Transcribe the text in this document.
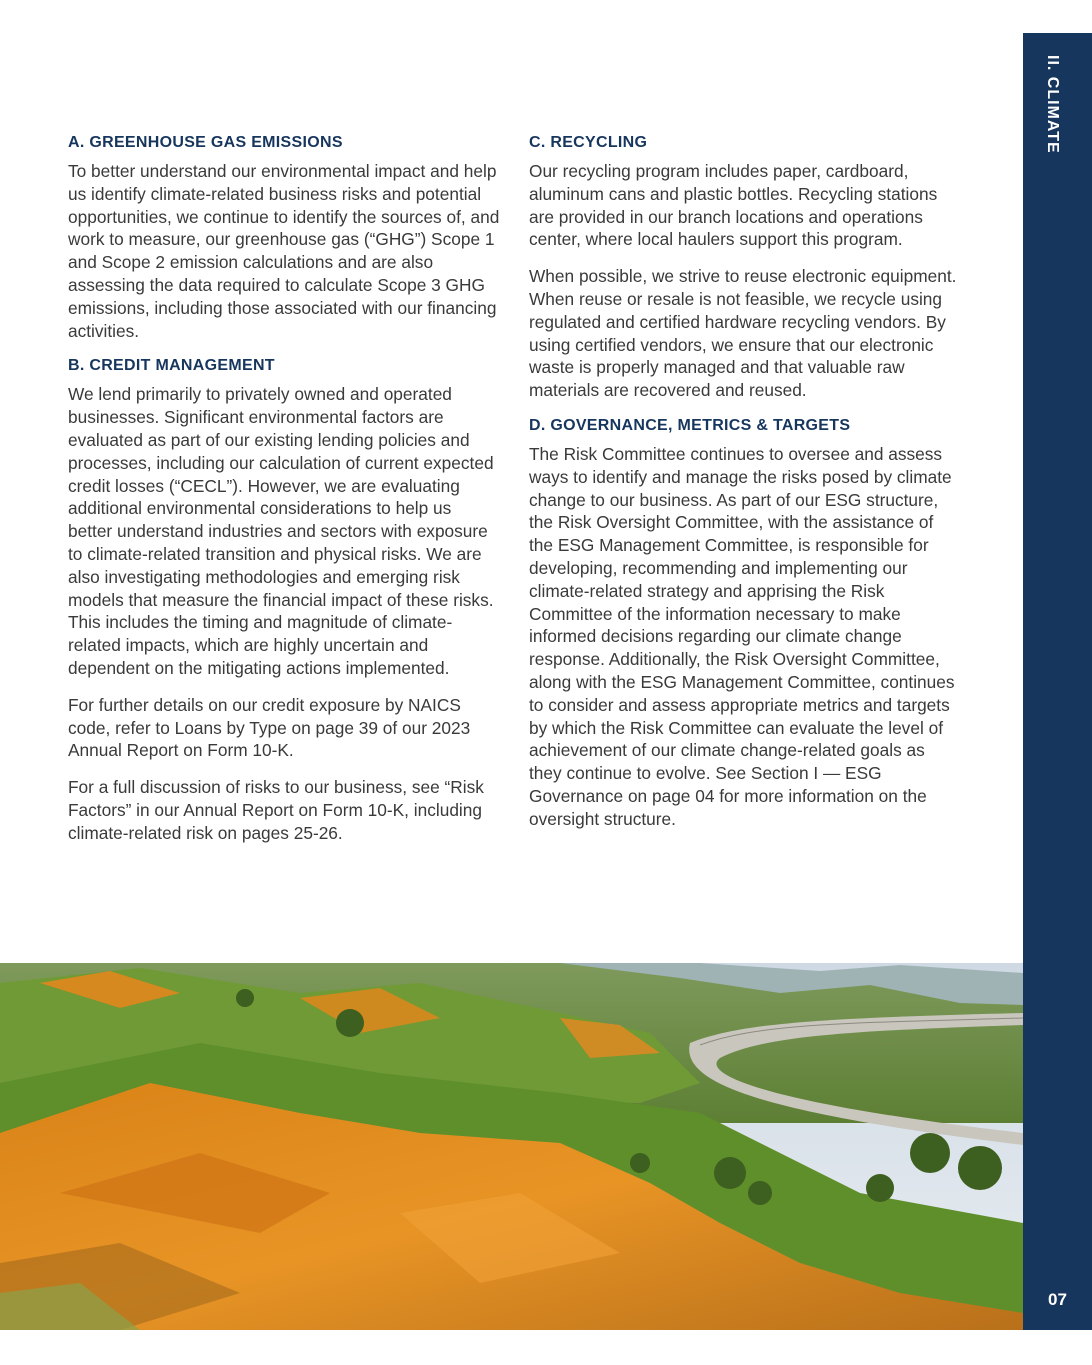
A. GREENHOUSE GAS EMISSIONS

To better understand our environmental impact and help us identify climate-related business risks and potential opportunities, we continue to identify the sources of, and work to measure, our greenhouse gas (“GHG”) Scope 1 and Scope 2 emission calculations and are also assessing the data required to calculate Scope 3 GHG emissions, including those associated with our financing activities.

B. CREDIT MANAGEMENT

We lend primarily to privately owned and operated businesses. Significant environmental factors are evaluated as part of our existing lending policies and processes, including our calculation of current expected credit losses (“CECL”). However, we are evaluating additional environmental considerations to help us better understand industries and sectors with exposure to climate-related transition and physical risks. We are also investigating methodologies and emerging risk models that measure the financial impact of these risks. This includes the timing and magnitude of climate-related impacts, which are highly uncertain and dependent on the mitigating actions implemented.

For further details on our credit exposure by NAICS code, refer to Loans by Type on page 39 of our 2023 Annual Report on Form 10-K.

For a full discussion of risks to our business, see “Risk Factors” in our Annual Report on Form 10-K, including climate-related risk on pages 25-26.

C. RECYCLING

Our recycling program includes paper, cardboard, aluminum cans and plastic bottles. Recycling stations are provided in our branch locations and operations center, where local haulers support this program.

When possible, we strive to reuse electronic equipment. When reuse or resale is not feasible, we recycle using regulated and certified hardware recycling vendors. By using certified vendors, we ensure that our electronic waste is properly managed and that valuable raw materials are recovered and reused.

D. GOVERNANCE, METRICS & TARGETS

The Risk Committee continues to oversee and assess ways to identify and manage the risks posed by climate change to our business. As part of our ESG structure, the Risk Oversight Committee, with the assistance of the ESG Management Committee, is responsible for developing, recommending and implementing our climate-related strategy and apprising the Risk Committee of the information necessary to make informed decisions regarding our climate change response. Additionally, the Risk Oversight Committee, along with the ESG Management Committee, continues to consider and assess appropriate metrics and targets by which the Risk Committee can evaluate the level of achievement of our climate change-related goals as they continue to evolve. See Section I — ESG Governance on page 04 for more information on the oversight structure.

II. CLIMATE
07
